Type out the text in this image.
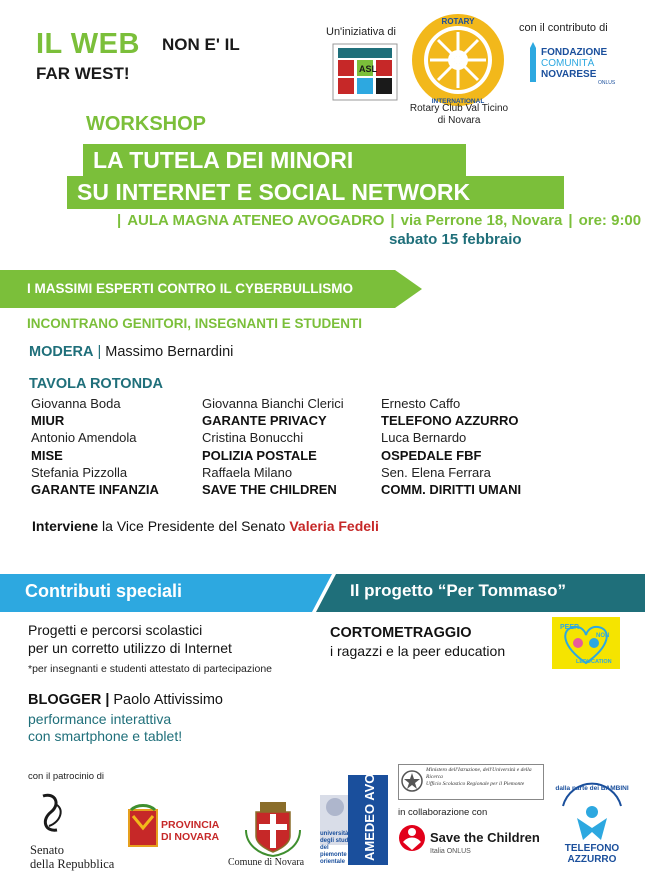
IL WEB NON E' IL
FAR WEST!
Un'iniziativa di
ASL
ROTARY
INTERNATIONAL
Rotary Club Val Ticino
di Novara
con il contributo di
FONDAZIONE
COMUNITÀ
NOVARESE
ONLUS
WORKSHOP
LA TUTELA DEI MINORI
SU INTERNET E SOCIAL NETWORK
| AULA MAGNA ATENEO AVOGADRO | via Perrone 18, Novara | ore: 9:00
sabato 15 febbraio
I MASSIMI ESPERTI CONTRO IL CYBERBULLISMO
INCONTRANO GENITORI, INSEGNANTI E STUDENTI
MODERA | Massimo Bernardini
TAVOLA ROTONDA
Giovanna Boda
MIUR
Antonio Amendola
MISE
Stefania Pizzolla
GARANTE INFANZIA
Giovanna Bianchi Clerici
GARANTE PRIVACY
Cristina Bonucchi
POLIZIA POSTALE
Raffaela Milano
SAVE THE CHILDREN
Ernesto Caffo
TELEFONO AZZURRO
Luca Bernardo
OSPEDALE FBF
Sen. Elena Ferrara
COMM. DIRITTI UMANI
Interviene la Vice Presidente del Senato Valeria Fedeli
Contributi speciali	Il progetto “Per Tommaso”
Progetti e percorsi scolastici
per un corretto utilizzo di Internet
*per insegnanti e studenti attestato di partecipazione
BLOGGER | Paolo Attivissimo
performance interattiva
con smartphone e tablet!
CORTOMETRAGGIO
i ragazzi e la peer education
PEER
NON
LEDUCATION
con il patrocinio di
Senato
della Repubblica
PROVINCIA
DI NOVARA
Comune di Novara
AMEDEO AVOGADRO
università degli studi del piemonte orientale
Ministero dell'Istruzione, dell'Università e della Ricerca
Ufficio Scolastico Regionale per il Piemonte
in collaborazione con
Save the Children
Italia ONLUS
dalla parte dei BAMBINI
TELEFONO
AZZURRO
